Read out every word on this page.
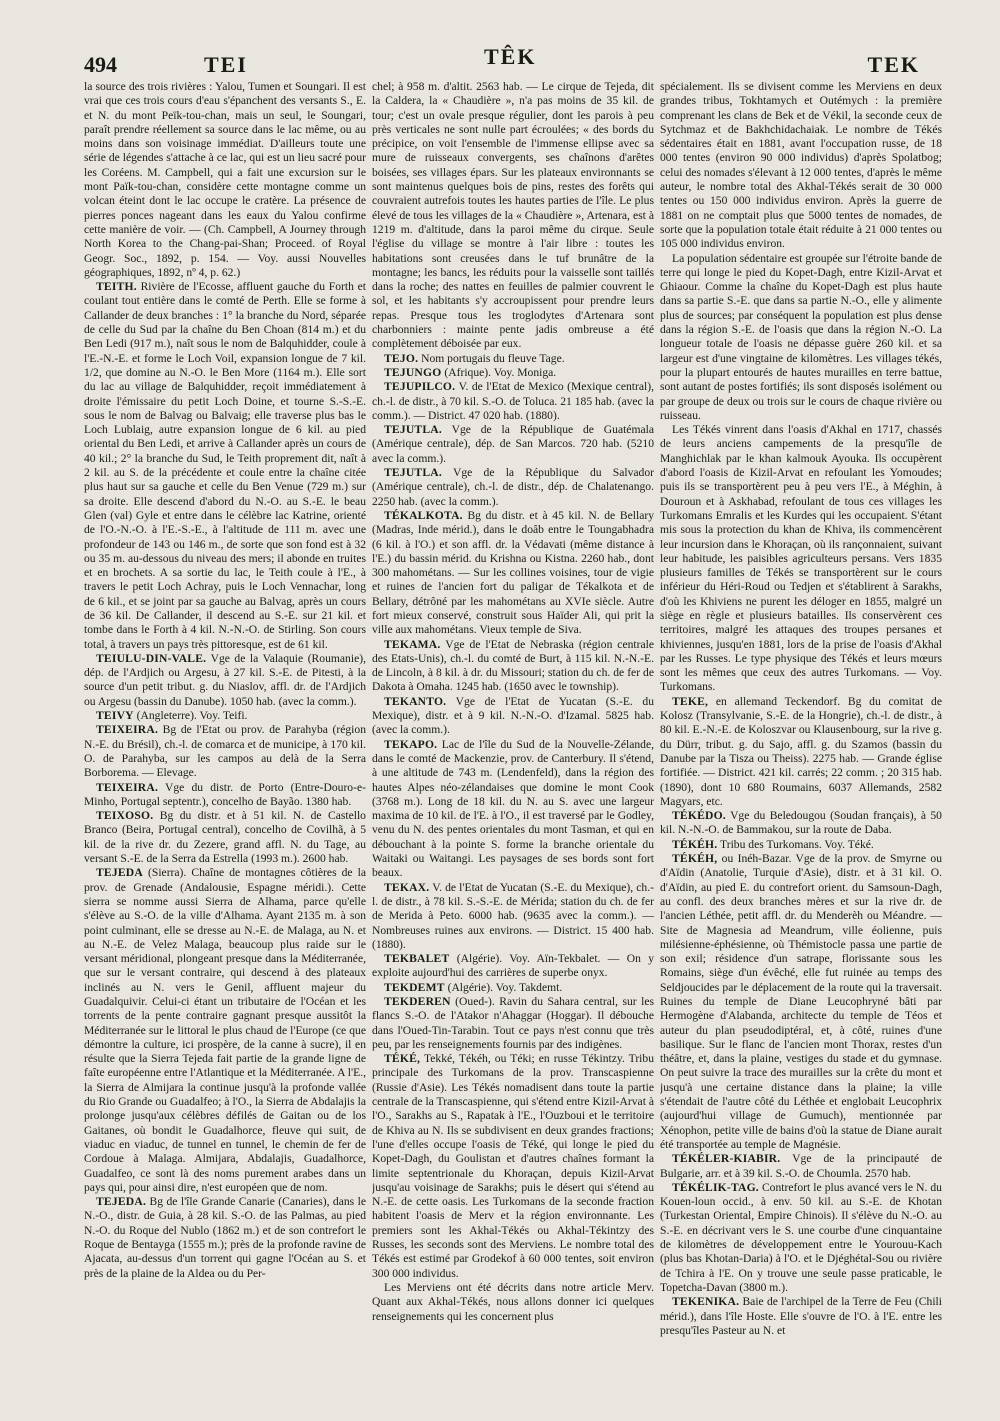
494	TEI	TÊK	TEK

la source des trois rivières : Yalou, Tumen et Soungari. Il est vrai que ces trois cours d'eau s'épanchent des versants S., E. et N. du mont Peïk-tou-chan, mais un seul, le Soungari, paraît prendre réellement sa source dans le lac même, ou au moins dans son voisinage immédiat. D'ailleurs toute une série de légendes s'attache à ce lac, qui est un lieu sacré pour les Coréens. M. Campbell, qui a fait une excursion sur le mont Païk-tou-chan, considère cette montagne comme un volcan éteint dont le lac occupe le cratère. La présence de pierres ponces nageant dans les eaux du Yalou confirme cette manière de voir. — (Ch. Campbell, A Journey through North Korea to the Chang-pai-Shan; Proceed. of Royal Geogr. Soc., 1892, p. 154. — Voy. aussi Nouvelles géographiques, 1892, nº 4, p. 62.)

TEITH. Rivière de l'Ecosse, affluent gauche du Forth et coulant tout entière dans le comté de Perth. Elle se forme à Callander de deux branches : 1° la branche du Nord, séparée de celle du Sud par la chaîne du Ben Choan (814 m.) et du Ben Ledi (917 m.), naît sous le nom de Balquhidder, coule à l'E.-N.-E. et forme le Loch Voil, expansion longue de 7 kil. 1/2, que domine au N.-O. le Ben More (1164 m.). Elle sort du lac au village de Balquhidder, reçoit immédiatement à droite l'émissaire du petit Loch Doine, et tourne S.-S.-E. sous le nom de Balvag ou Balvaig; elle traverse plus bas le Loch Lublaig, autre expansion longue de 6 kil. au pied oriental du Ben Ledi, et arrive à Callander après un cours de 40 kil.; 2° la branche du Sud, le Teith proprement dit, naît à 2 kil. au S. de la précédente et coule entre la chaîne citée plus haut sur sa gauche et celle du Ben Venue (729 m.) sur sa droite. Elle descend d'abord du N.-O. au S.-E. le beau Glen (val) Gyle et entre dans le célèbre lac Katrine, orienté de l'O.-N.-O. à l'E.-S.-E., à l'altitude de 111 m. avec une profondeur de 143 ou 146 m., de sorte que son fond est à 32 ou 35 m. au-dessous du niveau des mers; il abonde en truites et en brochets. A sa sortie du lac, le Teith coule à l'E., à travers le petit Loch Achray, puis le Loch Vennachar, long de 6 kil., et se joint par sa gauche au Balvag, après un cours de 36 kil. De Callander, il descend au S.-E. sur 21 kil. et tombe dans le Forth à 4 kil. N.-N.-O. de Stirling. Son cours total, à travers un pays très pittoresque, est de 61 kil.

TEIULU-DIN-VALE. Vge de la Valaquie (Roumanie), dép. de l'Ardjich ou Argesu, à 27 kil. S.-E. de Pitesti, à la source d'un petit tribut. g. du Niaslov, affl. dr. de l'Ardjich ou Argesu (bassin du Danube). 1050 hab. (avec la comm.).

TEIVY (Angleterre). Voy. Teifi.

TEIXEIRA. Bg de l'Etat ou prov. de Parahyba (région N.-E. du Brésil), ch.-l. de comarca et de municipe, à 170 kil. O. de Parahyba, sur les campos au delà de la Serra Borborema. — Elevage.

TEIXEIRA. Vge du distr. de Porto (Entre-Douro-e-Minho, Portugal septentr.), concelho de Bayão. 1380 hab.

TEIXOSO. Bg du distr. et à 51 kil. N. de Castello Branco (Beira, Portugal central), concelho de Covilhã, à 5 kil. de la rive dr. du Zezere, grand affl. N. du Tage, au versant S.-E. de la Serra da Estrella (1993 m.). 2600 hab.

TEJEDA (Sierra). Chaîne de montagnes côtières de la prov. de Grenade (Andalousie, Espagne méridi.). Cette sierra se nomme aussi Sierra de Alhama, parce qu'elle s'élève au S.-O. de la ville d'Alhama. Ayant 2135 m. à son point culminant, elle se dresse au N.-E. de Malaga, au N. et au N.-E. de Velez Malaga, beaucoup plus raide sur le versant méridional, plongeant presque dans la Méditerranée, que sur le versant contraire, qui descend à des plateaux inclinés au N. vers le Genil, affluent majeur du Guadalquivir. Celui-ci étant un tributaire de l'Océan et les torrents de la pente contraire gagnant presque aussitôt la Méditerranée sur le littoral le plus chaud de l'Europe (ce que démontre la culture, ici prospère, de la canne à sucre), il en résulte que la Sierra Tejeda fait partie de la grande ligne de faîte européenne entre l'Atlantique et la Méditerranée. A l'E., la Sierra de Almijara la continue jusqu'à la profonde vallée du Rio Grande ou Guadalfeo; à l'O., la Sierra de Abdalajis la prolonge jusqu'aux célèbres défilés de Gaitan ou de los Gaitanes, où bondit le Guadalhorce, fleuve qui suit, de viaduc en viaduc, de tunnel en tunnel, le chemin de fer de Cordoue à Malaga. Almijara, Abdalajis, Guadalhorce, Guadalfeo, ce sont là des noms purement arabes dans un pays qui, pour ainsi dire, n'est européen que de nom.

TEJEDA. Bg de l'île Grande Canarie (Canaries), dans le N.-O., distr. de Guia, à 28 kil. S.-O. de las Palmas, au pied N.-O. du Roque del Nublo (1862 m.) et de son contrefort le Roque de Bentayga (1555 m.); près de la profonde ravine de Ajacata, au-dessus d'un torrent qui gagne l'Océan au S. et près de la plaine de la Aldea ou du Per-

chel; à 958 m. d'altit. 2563 hab. — Le cirque de Tejeda, dit la Caldera, la « Chaudière », n'a pas moins de 35 kil. de tour; c'est un ovale presque régulier, dont les parois à peu près verticales ne sont nulle part écroulées; « des bords du précipice, on voit l'ensemble de l'immense ellipse avec sa mure de ruisseaux convergents, ses chaînons d'arêtes boisées, ses villages épars. Sur les plateaux environnants se sont maintenus quelques bois de pins, restes des forêts qui couvraient autrefois toutes les hautes parties de l'île. Le plus élevé de tous les villages de la « Chaudière », Artenara, est à 1219 m. d'altitude, dans la paroi même du cirque. Seule l'église du village se montre à l'air libre : toutes les habitations sont creusées dans le tuf brunâtre de la montagne; les bancs, les réduits pour la vaisselle sont taillés dans la roche; des nattes en feuilles de palmier couvrent le sol, et les habitants s'y accroupissent pour prendre leurs repas. Presque tous les troglodytes d'Artenara sont charbonniers : mainte pente jadis ombreuse a été complètement déboisée par eux.

TEJO. Nom portugais du fleuve Tage.

TEJUNGO (Afrique). Voy. Moniga.

TEJUPILCO. V. de l'Etat de Mexico (Mexique central), ch.-l. de distr., à 70 kil. S.-O. de Toluca. 21 185 hab. (avec la comm.). — District. 47 020 hab. (1880).

TEJUTLA. Vge de la République de Guatémala (Amérique centrale), dép. de San Marcos. 720 hab. (5210 avec la comm.).

TEJUTLA. Vge de la République du Salvador (Amérique centrale), ch.-l. de distr., dép. de Chalatenango. 2250 hab. (avec la comm.).

TÉKALKOTA. Bg du distr. et à 45 kil. N. de Bellary (Madras, Inde mérid.), dans le doâb entre le Toungabhadra (6 kil. à l'O.) et son affl. dr. la Védavati (même distance à l'E.) du bassin mérid. du Krishna ou Kistna. 2260 hab., dont 300 mahométans. — Sur les collines voisines, tour de vigie et ruines de l'ancien fort du paligar de Tékalkota et de Bellary, détrôné par les mahométans au XVIe siècle. Autre fort mieux conservé, construit sous Haïder Ali, qui prit la ville aux mahométans. Vieux temple de Siva.

TEKAMA. Vge de l'Etat de Nebraska (région centrale des Etats-Unis), ch.-l. du comté de Burt, à 115 kil. N.-N.-E. de Lincoln, à 8 kil. à dr. du Missouri; station du ch. de fer de Dakota à Omaha. 1245 hab. (1650 avec le township).

TEKANTO. Vge de l'Etat de Yucatan (S.-E. du Mexique), distr. et à 9 kil. N.-N.-O. d'Izamal. 5825 hab. (avec la comm.).

TEKAPO. Lac de l'île du Sud de la Nouvelle-Zélande, dans le comté de Mackenzie, prov. de Canterbury. Il s'étend, à une altitude de 743 m. (Lendenfeld), dans la région des hautes Alpes néo-zélandaises que domine le mont Cook (3768 m.). Long de 18 kil. du N. au S. avec une largeur maxima de 10 kil. de l'E. à l'O., il est traversé par le Godley, venu du N. des pentes orientales du mont Tasman, et qui en débouchant à la pointe S. forme la branche orientale du Waitaki ou Waitangi. Les paysages de ses bords sont fort beaux.

TEKAX. V. de l'Etat de Yucatan (S.-E. du Mexique), ch.-l. de distr., à 78 kil. S.-S.-E. de Mérida; station du ch. de fer de Merida à Peto. 6000 hab. (9635 avec la comm.). — Nombreuses ruines aux environs. — District. 15 400 hab. (1880).

TEKBALET (Algérie). Voy. Aïn-Tekbalet. — On y exploite aujourd'hui des carrières de superbe onyx.

TEKDEMT (Algérie). Voy. Takdemt.

TEKDEREN (Oued-). Ravin du Sahara central, sur les flancs S.-O. de l'Atakor n'Ahaggar (Hoggar). Il débouche dans l'Oued-Tin-Tarabin. Tout ce pays n'est connu que très peu, par les renseignements fournis par des indigènes.

TÉKÉ, Tekké, Tékéh, ou Téki; en russe Tékintzy. Tribu principale des Turkomans de la prov. Transcaspienne (Russie d'Asie). Les Tékés nomadisent dans toute la partie centrale de la Transcaspienne, qui s'étend entre Kizil-Arvat à l'O., Sarakhs au S., Rapatak à l'E., l'Ouzboui et le territoire de Khiva au N. Ils se subdivisent en deux grandes fractions; l'une d'elles occupe l'oasis de Téké, qui longe le pied du Kopet-Dagh, du Goulistan et d'autres chaînes formant la limite septentrionale du Khoraçan, depuis Kizil-Arvat jusqu'au voisinage de Sarakhs; puis le désert qui s'étend au N.-E. de cette oasis. Les Turkomans de la seconde fraction habitent l'oasis de Merv et la région environnante. Les premiers sont les Akhal-Tékés ou Akhal-Tékintzy des Russes, les seconds sont des Merviens. Le nombre total des Tékés est estimé par Grodekof à 60 000 tentes, soit environ 300 000 individus.

Les Merviens ont été décrits dans notre article Merv. Quant aux Akhal-Tékés, nous allons donner ici quelques renseignements qui les concernent plus

spécialement. Ils se divisent comme les Merviens en deux grandes tribus, Tokhtamych et Outémych : la première comprenant les clans de Bek et de Vékil, la seconde ceux de Sytchmaz et de Bakhchidachaiak. Le nombre de Tékés sédentaires était en 1881, avant l'occupation russe, de 18 000 tentes (environ 90 000 individus) d'après Spolatbog; celui des nomades s'élevant à 12 000 tentes, d'après le même auteur, le nombre total des Akhal-Tékés serait de 30 000 tentes ou 150 000 individus environ. Après la guerre de 1881 on ne comptait plus que 5000 tentes de nomades, de sorte que la population totale était réduite à 21 000 tentes ou 105 000 individus environ.

La population sédentaire est groupée sur l'étroite bande de terre qui longe le pied du Kopet-Dagh, entre Kizil-Arvat et Ghiaour. Comme la chaîne du Kopet-Dagh est plus haute dans sa partie S.-E. que dans sa partie N.-O., elle y alimente plus de sources; par conséquent la population est plus dense dans la région S.-E. de l'oasis que dans la région N.-O. La longueur totale de l'oasis ne dépasse guère 260 kil. et sa largeur est d'une vingtaine de kilomètres. Les villages tékés, pour la plupart entourés de hautes murailles en terre battue, sont autant de postes fortifiés; ils sont disposés isolément ou par groupe de deux ou trois sur le cours de chaque rivière ou ruisseau.

Les Tékés vinrent dans l'oasis d'Akhal en 1717, chassés de leurs anciens campements de la presqu'île de Manghichlak par le khan kalmouk Ayouka. Ils occupèrent d'abord l'oasis de Kizil-Arvat en refoulant les Yomoudes; puis ils se transportèrent peu à peu vers l'E., à Méghin, à Douroun et à Askhabad, refoulant de tous ces villages les Turkomans Emralis et les Kurdes qui les occupaient. S'étant mis sous la protection du khan de Khiva, ils commencèrent leur incursion dans le Khoraçan, où ils rançonnaient, suivant leur habitude, les paisibles agriculteurs persans. Vers 1835 plusieurs familles de Tékés se transportèrent sur le cours inférieur du Héri-Roud ou Tedjen et s'établirent à Sarakhs, d'où les Khiviens ne purent les déloger en 1855, malgré un siège en règle et plusieurs batailles. Ils conservèrent ces territoires, malgré les attaques des troupes persanes et khiviennes, jusqu'en 1881, lors de la prise de l'oasis d'Akhal par les Russes. Le type physique des Tékés et leurs mœurs sont les mêmes que ceux des autres Turkomans. — Voy. Turkomans.

TEKE, en allemand Teckendorf. Bg du comitat de Kolosz (Transylvanie, S.-E. de la Hongrie), ch.-l. de distr., à 80 kil. E.-N.-E. de Koloszvar ou Klausenbourg, sur la rive g. du Dürr, tribut. g. du Sajo, affl. g. du Szamos (bassin du Danube par la Tisza ou Theiss). 2275 hab. — Grande église fortifiée. — District. 421 kil. carrés; 22 comm. ; 20 315 hab. (1890), dont 10 680 Roumains, 6037 Allemands, 2582 Magyars, etc.

TÉKÉDO. Vge du Beledougou (Soudan français), à 50 kil. N.-N.-O. de Bammakou, sur la route de Daba.

TÉKÉH. Tribu des Turkomans. Voy. Téké.

TÉKÉH, ou Inéh-Bazar. Vge de la prov. de Smyrne ou d'Aïdin (Anatolie, Turquie d'Asie), distr. et à 31 kil. O. d'Aïdin, au pied E. du contrefort orient. du Samsoun-Dagh, au confl. des deux branches mères et sur la rive dr. de l'ancien Léthée, petit affl. dr. du Menderèh ou Méandre. — Site de Magnesia ad Meandrum, ville éolienne, puis milésienne-éphésienne, où Thémistocle passa une partie de son exil; résidence d'un satrape, florissante sous les Romains, siège d'un évêché, elle fut ruinée au temps des Seldjoucides par le déplacement de la route qui la traversait. Ruines du temple de Diane Leucophryné bâti par Hermogène d'Alabanda, architecte du temple de Téos et auteur du plan pseudodiptéral, et, à côté, ruines d'une basilique. Sur le flanc de l'ancien mont Thorax, restes d'un théâtre, et, dans la plaine, vestiges du stade et du gymnase. On peut suivre la trace des murailles sur la crête du mont et jusqu'à une certaine distance dans la plaine; la ville s'étendait de l'autre côté du Léthée et englobait Leucophrix (aujourd'hui village de Gumuch), mentionnée par Xénophon, petite ville de bains d'où la statue de Diane aurait été transportée au temple de Magnésie.

TÉKÉLER-KIABIR. Vge de la principauté de Bulgarie, arr. et à 39 kil. S.-O. de Choumla. 2570 hab.

TÉKÉLIK-TAG. Contrefort le plus avancé vers le N. du Kouen-loun occid., à env. 50 kil. au S.-E. de Khotan (Turkestan Oriental, Empire Chinois). Il s'élève du N.-O. au S.-E. en décrivant vers le S. une courbe d'une cinquantaine de kilomètres de développement entre le Yourouu-Kach (plus bas Khotan-Daria) à l'O. et le Djéghétal-Sou ou rivière de Tchira à l'E. On y trouve une seule passe praticable, le Topetcha-Davan (3800 m.).

TEKENIKA. Baie de l'archipel de la Terre de Feu (Chili mérid.), dans l'île Hoste. Elle s'ouvre de l'O. à l'E. entre les presqu'îles Pasteur au N. et
